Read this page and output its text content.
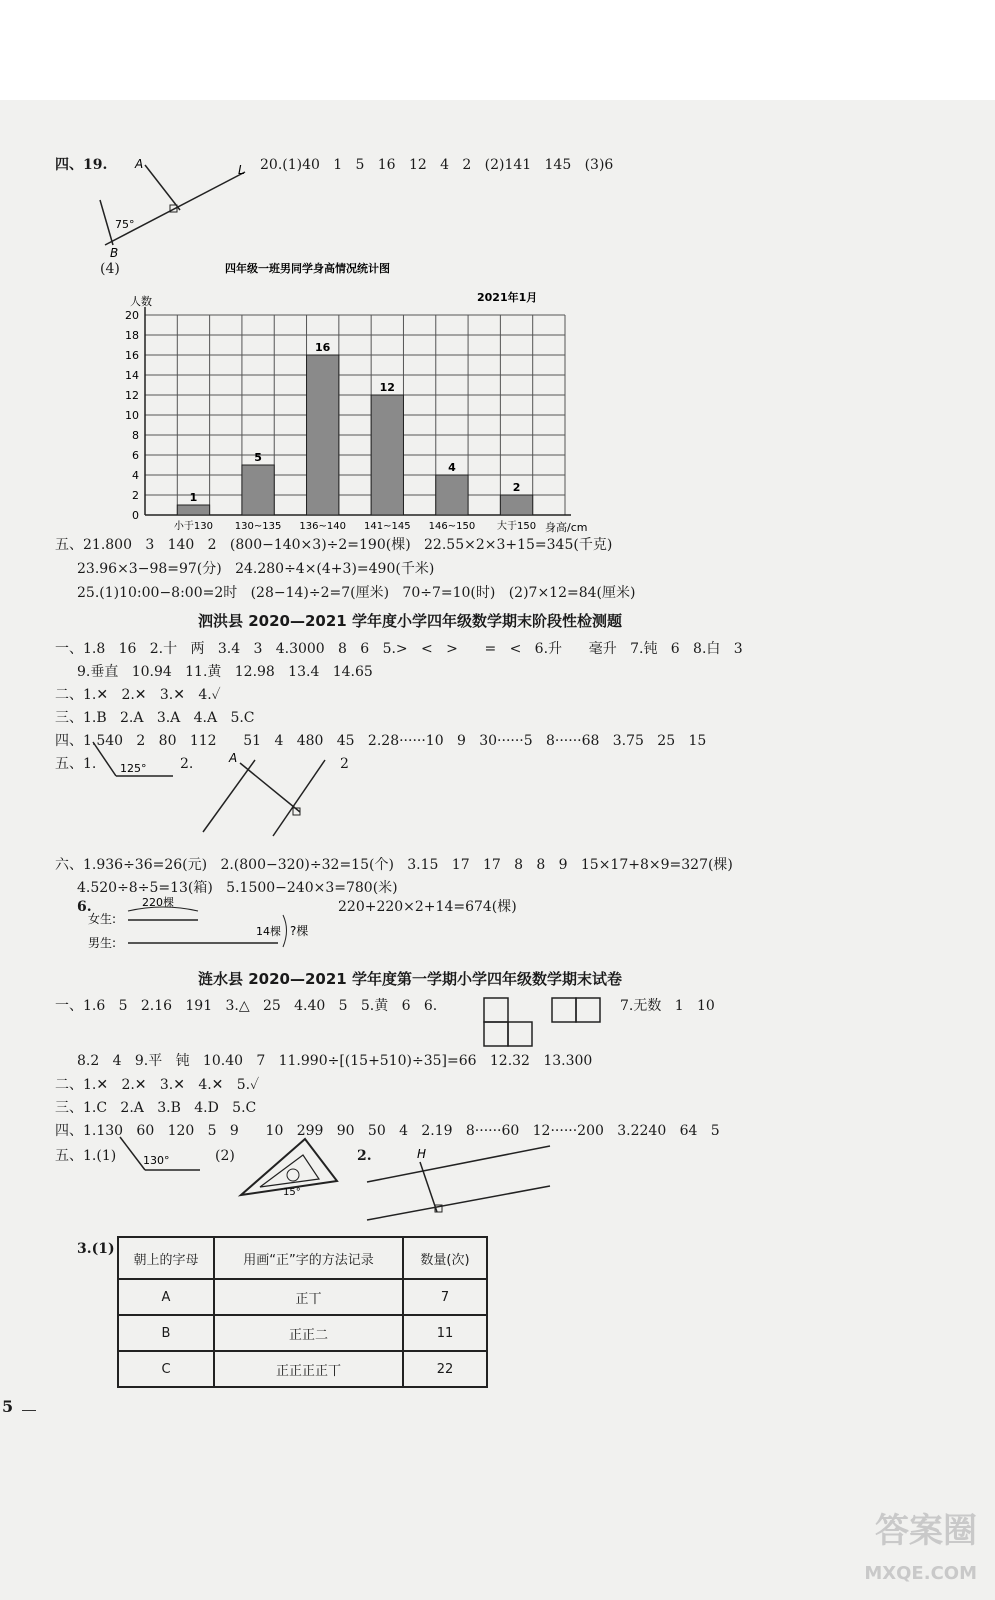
四、19. A	L
B
75°
20.(1)40   1   5   16   12   4   2   (2)141   145   (3)6
(4)	四年级一班男同学身高情况统计图
2021年1月
人数
1
5
16
12
4
2
0
2
4
6
8
10
12
14
16
18
20
小于130 130~135 136~140 141~145 146~150 大于150 身高/cm
五、21.800   3   140   2   (800−140×3)÷2=190(棵)   22.55×2×3+15=345(千克)
23.96×3−98=97(分)   24.280÷4×(4+3)=490(千米)
25.(1)10:00−8:00=2时   (28−14)÷2=7(厘米)   70÷7=10(时)   (2)7×12=84(厘米)
泗洪县 2020—2021 学年度小学四年级数学期末阶段性检测题
一、1.8   16   2.十   两   3.4   3   4.3000   8   6   5.>   <   >      =   <   6.升      毫升   7.钝   6   8.白   3
9.垂直   10.94   11.黄   12.98   13.4   14.65
二、1.✕   2.✕   3.✕   4.✓
三、1.B   2.A   3.A   4.A   5.C
四、1.540   2   80   112      51   4   480   45   2.28······10   9   30······5   8······68   3.75   25   15
五、1.	2.	2
125°
A
六、1.936÷36=26(元)   2.(800−320)÷32=15(个)   3.15   17   17   8   8   9   15×17+8×9=327(棵)
4.520÷8÷5=13(箱)   5.1500−240×3=780(米)
6.	220+220×2+14=674(棵)
220棵
女生:
男生:
14棵 ?棵
涟水县 2020—2021 学年度第一学期小学四年级数学期末试卷
一、1.6   5   2.16   191   3.△   25   4.40   5   5.黄   6   6.	7.无数   1   10
8.2   4   9.平   钝   10.40   7   11.990÷[(15+510)÷35]=66   12.32   13.300
二、1.✕   2.✕   3.✕   4.✕   5.✓
三、1.C   2.A   3.B   4.D   5.C
四、1.130   60   120   5   9      10   299   90   50   4   2.19   8······60   12······200   3.2240   64   5
五、1.(1)	(2)	2.
130°
15°
H
3.(1)
朝上的字母	用画“正”字的方法记录	数量(次)
A	正丅	7
B	正正二	11
C	正正正正丅	22
5
答案圈
MXQE.COM
